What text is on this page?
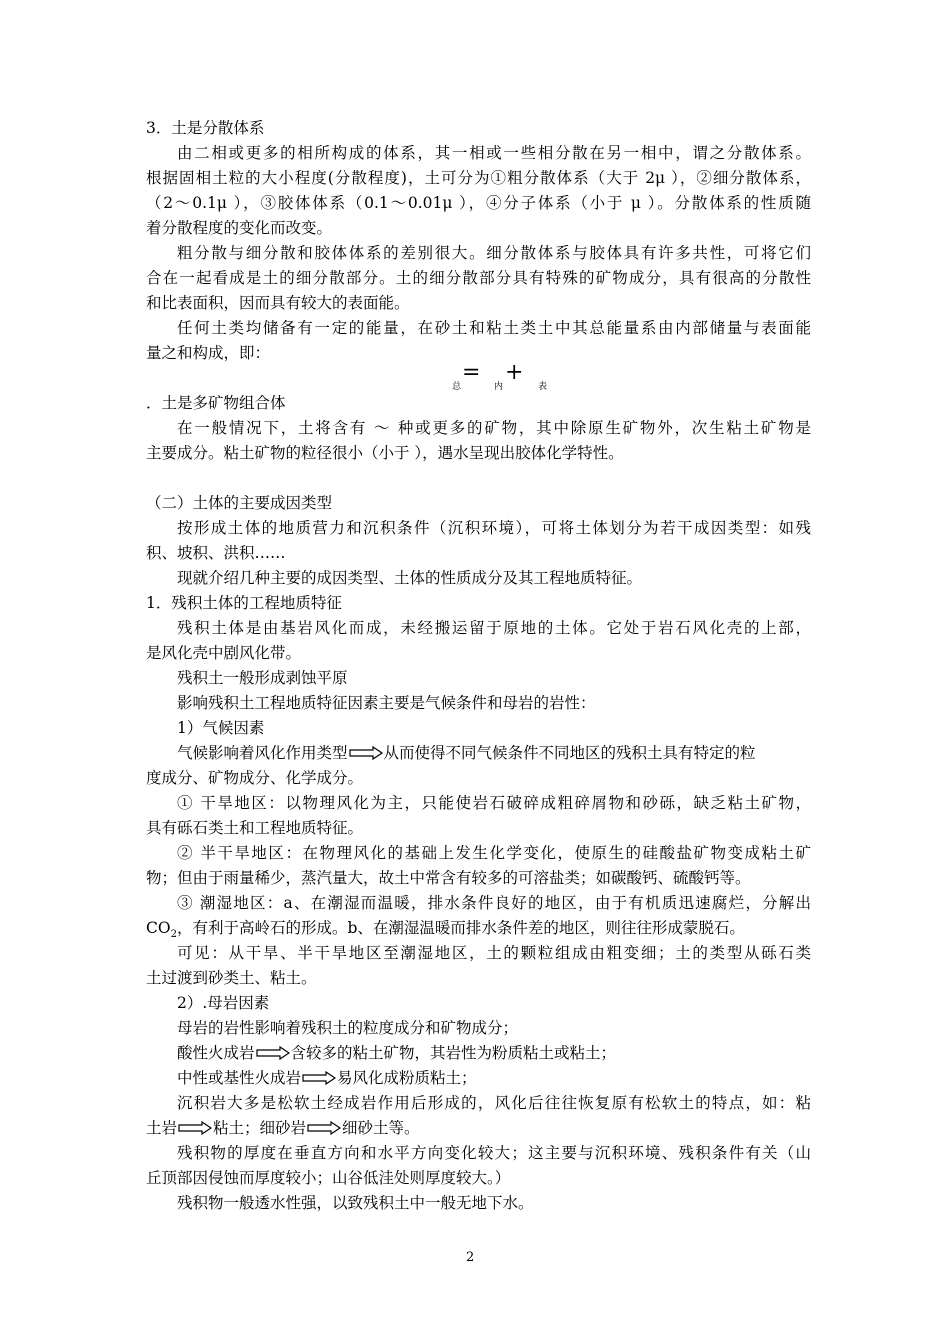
3．土是分散体系
由二相或更多的相所构成的体系，其一相或一些相分散在另一相中，谓之分散体系。
根据固相土粒的大小程度(分散程度)，土可分为①粗分散体系（大于 2μ ），②细分散体系，
（2～0.1μ ），③胶体体系（0.1～0.01μ ），④分子体系（小于 μ ）。分散体系的性质随
着分散程度的变化而改变。
粗分散与细分散和胶体体系的差别很大。细分散体系与胶体具有许多共性，可将它们
合在一起看成是土的细分散部分。土的细分散部分具有特殊的矿物成分，具有很高的分散性
和比表面积，因而具有较大的表面能。
任何土类均储备有一定的能量，在砂土和粘土类土中其总能量系由内部储量与表面能
量之和构成，即：
= +
总	内	表
．土是多矿物组合体
在一般情况下，土将含有 ～ 种或更多的矿物，其中除原生矿物外，次生粘土矿物是
主要成分。粘土矿物的粒径很小（小于 ），遇水呈现出胶体化学特性。
（二）土体的主要成因类型
按形成土体的地质营力和沉积条件（沉积环境），可将土体划分为若干成因类型：如残
积、坡积、洪积……
现就介绍几种主要的成因类型、土体的性质成分及其工程地质特征。
1．残积土体的工程地质特征
残积土体是由基岩风化而成，未经搬运留于原地的土体。它处于岩石风化壳的上部，
是风化壳中剧风化带。
残积土一般形成剥蚀平原
影响残积土工程地质特征因素主要是气候条件和母岩的岩性：
1）气候因素
气候影响着风化作用类型 从而使得不同气候条件不同地区的残积土具有特定的粒
度成分、矿物成分、化学成分。
① 干旱地区：以物理风化为主，只能使岩石破碎成粗碎屑物和砂砾，缺乏粘土矿物，
具有砾石类土和工程地质特征。
② 半干旱地区：在物理风化的基础上发生化学变化，使原生的硅酸盐矿物变成粘土矿
物；但由于雨量稀少，蒸汽量大，故土中常含有较多的可溶盐类；如碳酸钙、硫酸钙等。
③ 潮湿地区：a、在潮湿而温暖，排水条件良好的地区，由于有机质迅速腐烂，分解出
$CO_2$，有利于高岭石的形成。b、在潮湿温暖而排水条件差的地区，则往往形成蒙脱石。
可见：从干旱、半干旱地区至潮湿地区，土的颗粒组成由粗变细；土的类型从砾石类
土过渡到砂类土、粘土。
2）.母岩因素
母岩的岩性影响着残积土的粒度成分和矿物成分；
酸性火成岩 含较多的粘土矿物，其岩性为粉质粘土或粘土；
中性或基性火成岩 易风化成粉质粘土；
沉积岩大多是松软土经成岩作用后形成的，风化后往往恢复原有松软土的特点，如：粘
土岩 粘土；细砂岩 细砂土等。
残积物的厚度在垂直方向和水平方向变化较大；这主要与沉积环境、残积条件有关（山
丘顶部因侵蚀而厚度较小；山谷低洼处则厚度较大。）
残积物一般透水性强，以致残积土中一般无地下水。
2
